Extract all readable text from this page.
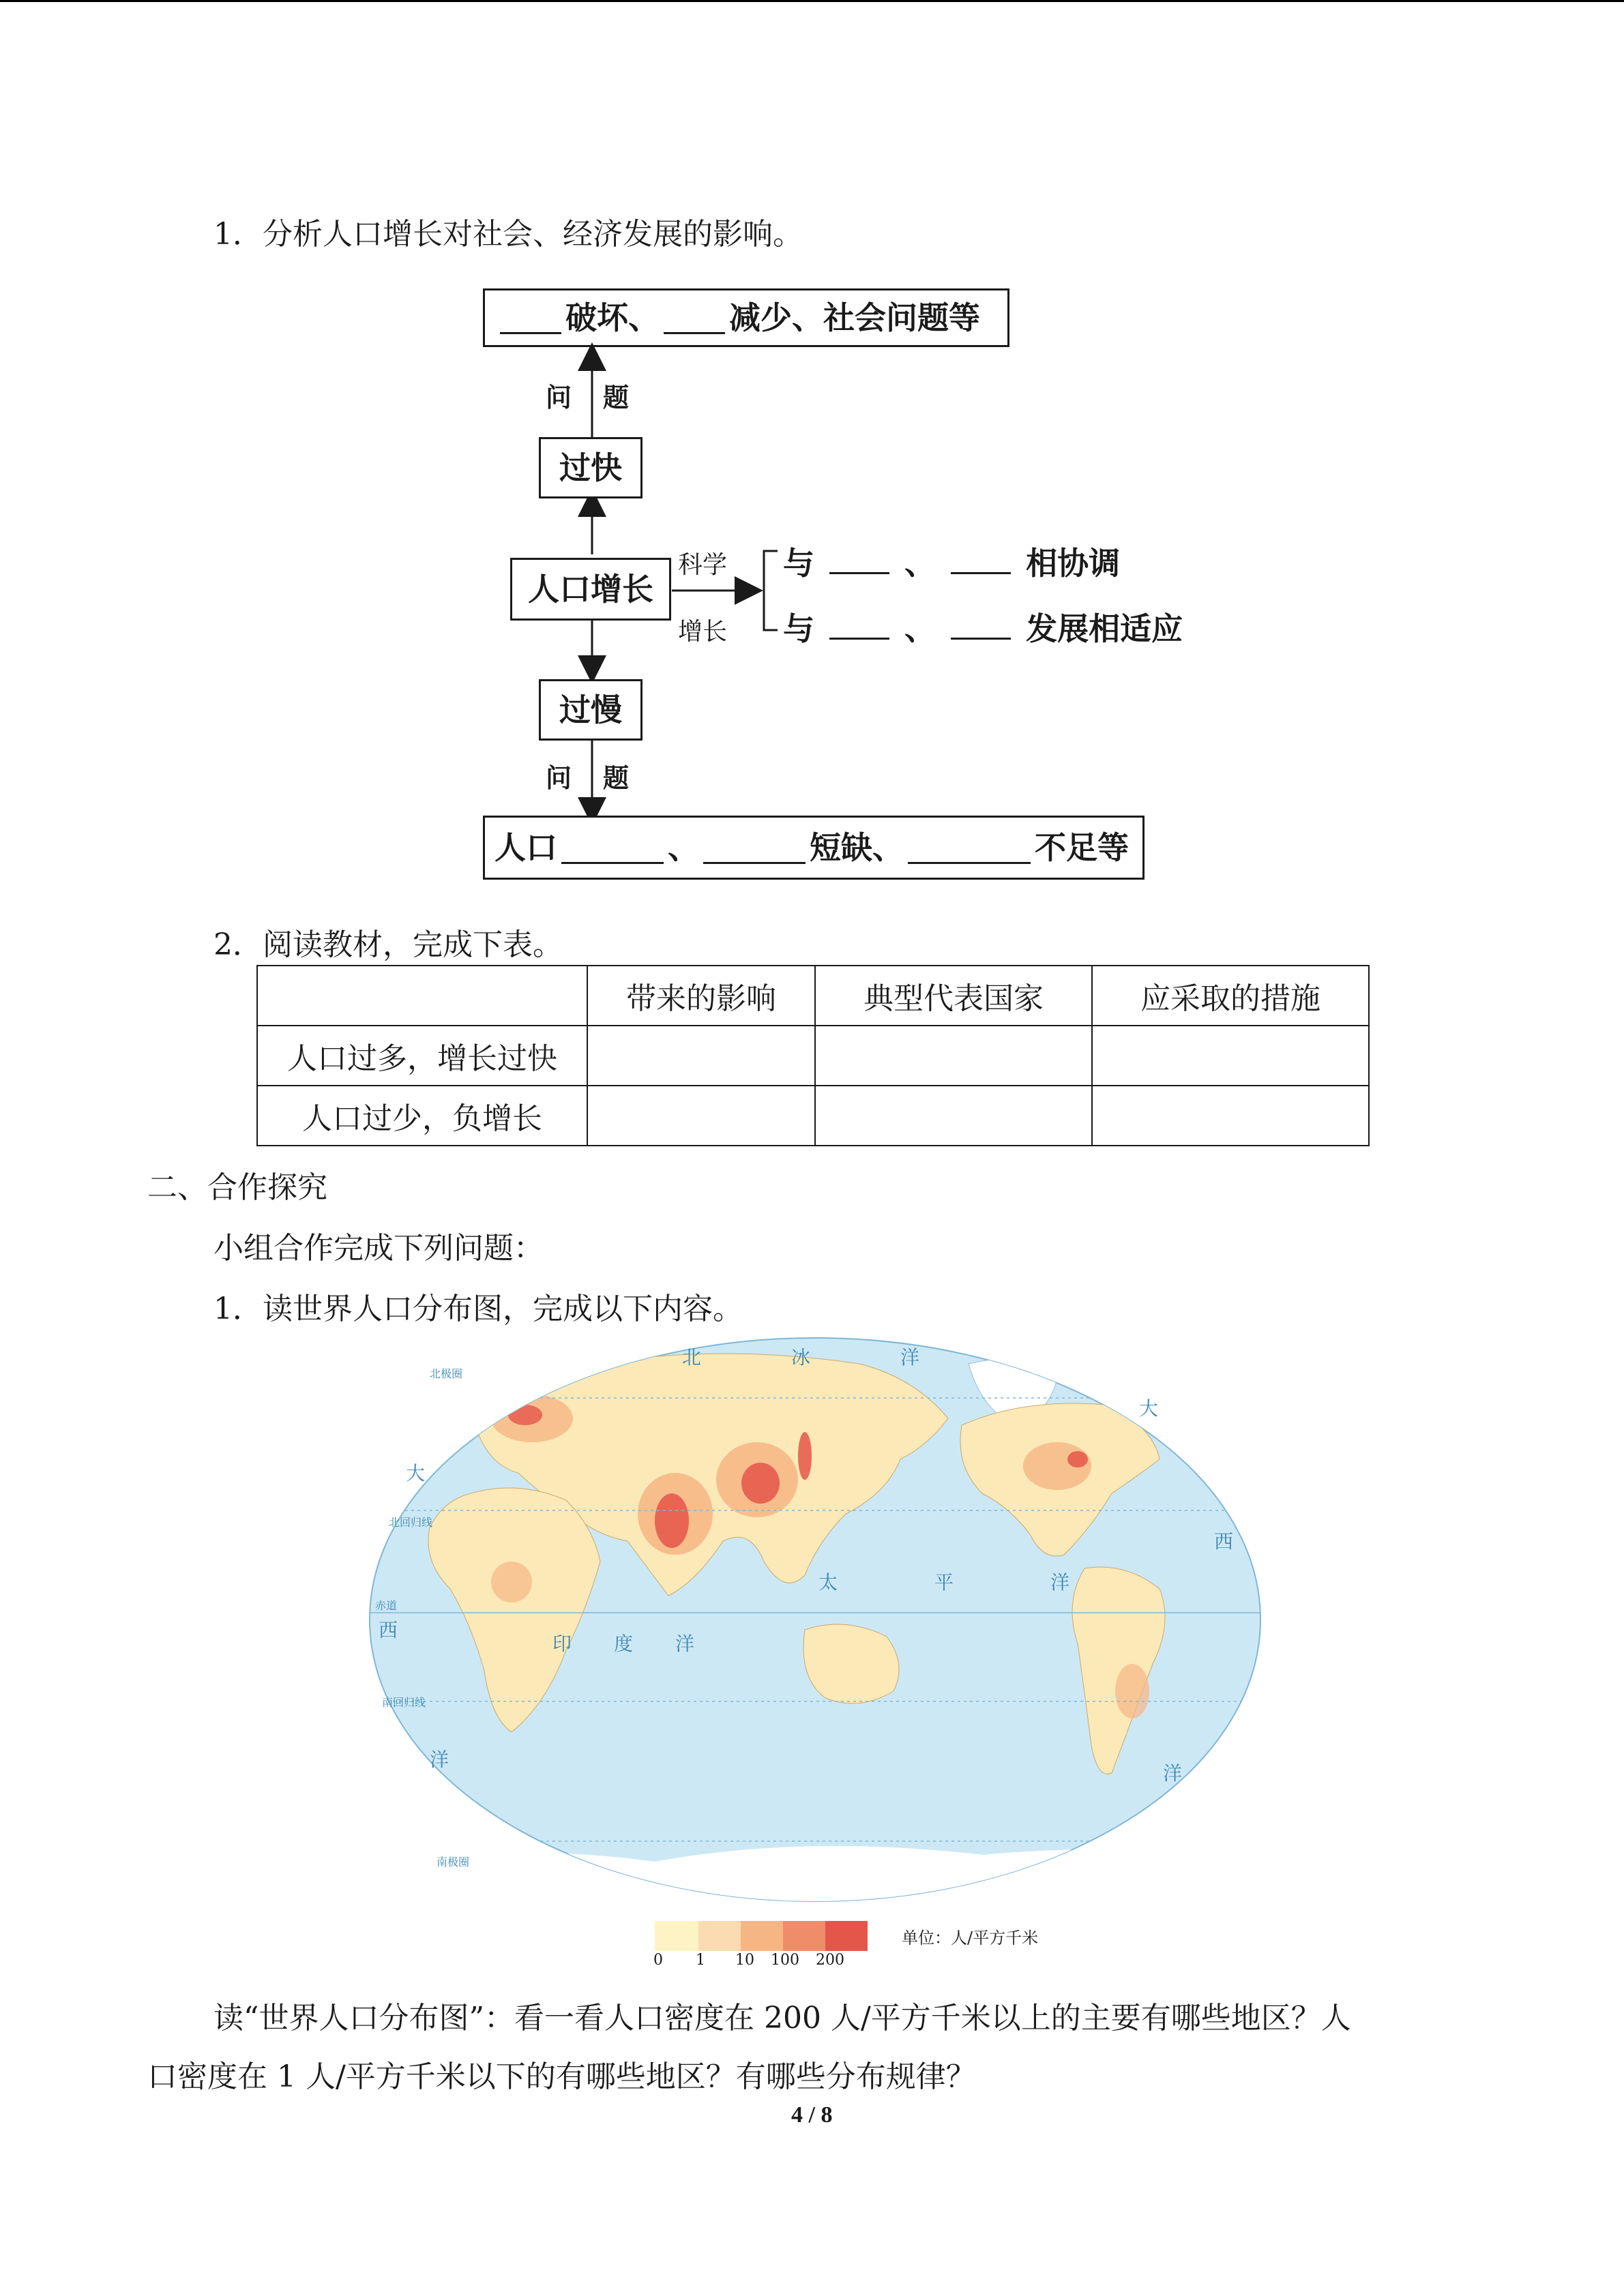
1．分析人口增长对社会、经济发展的影响。
破坏、 减少、社会问题等
问 题
过快
人口增长
科学
增长
与	、	相协调
与	、	发展相适应
过慢
问 题
人口	、	短缺、	不足等
2．阅读教材，完成下表。
	带来的影响	典型代表国家	应采取的措施
人口过多，增长过快			
人口过少，负增长			
二、合作探究
小组合作完成下列问题：
1．读世界人口分布图，完成以下内容。
北	冰	洋
北极圈
大
北回归线
赤道
西
太	平	洋
印 度 洋
南回归线
洋
南极圈
大
西
洋
0 1 10 100 200
单位：人/平方千米
读“世界人口分布图”：看一看人口密度在 200 人/平方千米以上的主要有哪些地区？人
口密度在 1 人/平方千米以下的有哪些地区？有哪些分布规律？
4 / 8
